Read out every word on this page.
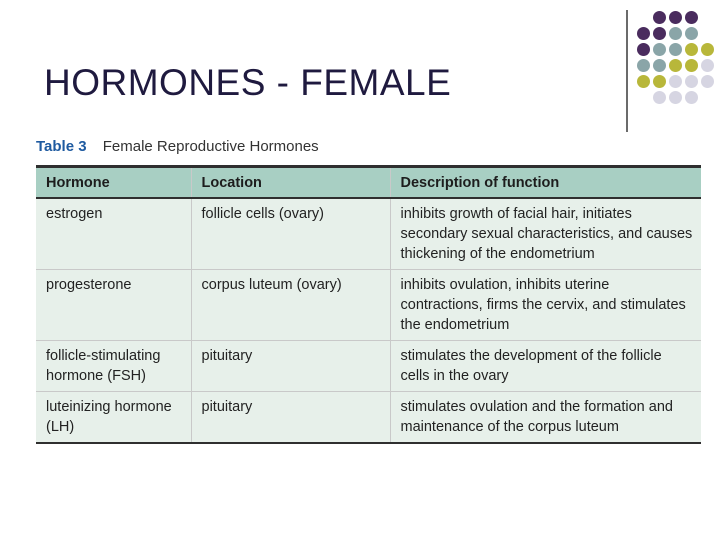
HORMONES - FEMALE
Table 3 Female Reproductive Hormones
Hormone	Location	Description of function
estrogen	follicle cells (ovary)	inhibits growth of facial hair, initiates secondary sexual characteristics, and causes thickening of the endometrium
progesterone	corpus luteum (ovary)	inhibits ovulation, inhibits uterine contractions, firms the cervix, and stimulates the endometrium
follicle-stimulating hormone (FSH)	pituitary	stimulates the development of the follicle cells in the ovary
luteinizing hormone (LH)	pituitary	stimulates ovulation and the formation and maintenance of the corpus luteum
